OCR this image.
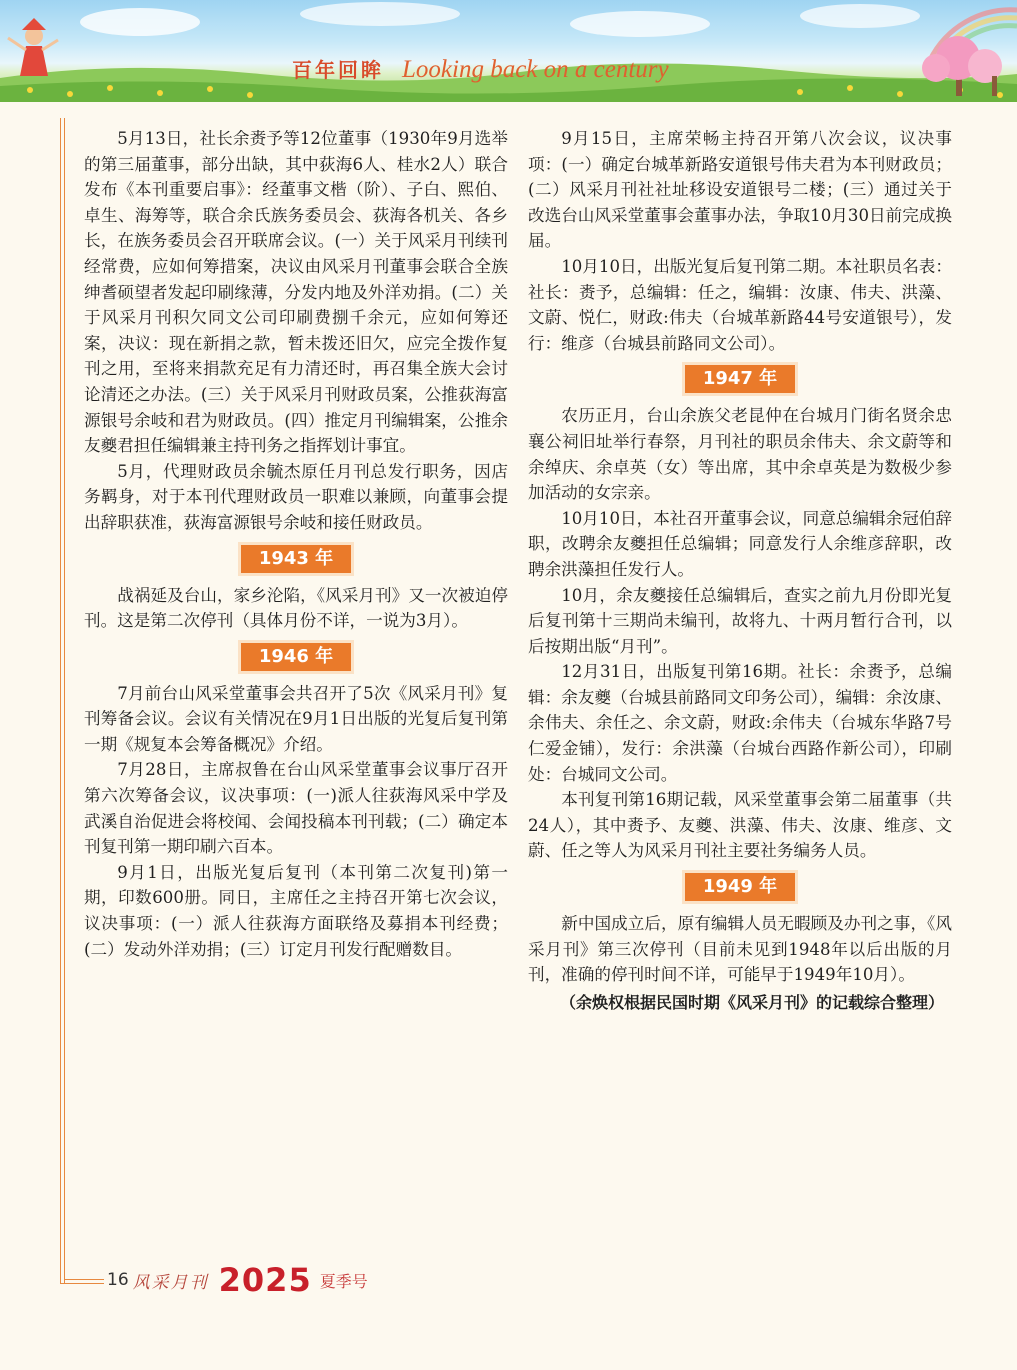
百年回眸 Looking back on a century

5月13日，社长余赉予等12位董事（1930年9月选举的第三届董事，部分出缺，其中荻海6人、桂水2人）联合发布《本刊重要启事》：经董事文楷（阶）、子白、熙伯、卓生、海筹等，联合余氏族务委员会、荻海各机关、各乡长，在族务委员会召开联席会议。(一）关于风采月刊续刊经常费，应如何筹措案，决议由风采月刊董事会联合全族绅耆硕望者发起印刷缘薄，分发内地及外洋劝捐。(二）关于风采月刊积欠同文公司印刷费捌千余元，应如何筹还案，决议：现在新捐之款，暂未拨还旧欠，应完全拨作复刊之用，至将来捐款充足有力清还时，再召集全族大会讨论清还之办法。(三）关于风采月刊财政员案，公推荻海富源银号余岐和君为财政员。(四）推定月刊编辑案，公推余友夔君担任编辑兼主持刊务之指挥划计事宜。

5月，代理财政员余毓杰原任月刊总发行职务，因店务羁身，对于本刊代理财政员一职难以兼顾，向董事会提出辞职获准，荻海富源银号余岐和接任财政员。

1943 年

战祸延及台山，家乡沦陷，《风采月刊》又一次被迫停刊。这是第二次停刊（具体月份不详，一说为3月）。

1946 年

7月前台山风采堂董事会共召开了5次《风采月刊》复刊筹备会议。会议有关情况在9月1日出版的光复后复刊第一期《规复本会筹备概况》介绍。

7月28日，主席叔鲁在台山风采堂董事会议事厅召开第六次筹备会议，议决事项：(一)派人往荻海风采中学及武溪自治促进会将校闻、会闻投稿本刊刊载；(二）确定本刊复刊第一期印刷六百本。

9月1日，出版光复后复刊（本刊第二次复刊)第一期，印数600册。同日，主席任之主持召开第七次会议，议决事项：(一）派人往荻海方面联络及募捐本刊经费；(二）发动外洋劝捐；(三）订定月刊发行配赠数目。

9月15日，主席荣畅主持召开第八次会议，议决事项：(一）确定台城革新路安道银号伟夫君为本刊财政员；(二）风采月刊社社址移设安道银号二楼；(三）通过关于改选台山风采堂董事会董事办法，争取10月30日前完成换届。

10月10日，出版光复后复刊第二期。本社职员名表：社长：赉予，总编辑：任之，编辑：汝康、伟夫、洪藻、文蔚、悦仁，财政:伟夫（台城革新路44号安道银号），发行：维彦（台城县前路同文公司）。

1947 年

农历正月，台山余族父老昆仲在台城月门街名贤余忠襄公祠旧址举行春祭，月刊社的职员余伟夫、余文蔚等和余绰庆、余卓英（女）等出席，其中余卓英是为数极少参加活动的女宗亲。

10月10日，本社召开董事会议，同意总编辑余冠伯辞职，改聘余友夔担任总编辑；同意发行人余维彦辞职，改聘余洪藻担任发行人。

10月，余友夔接任总编辑后，查实之前九月份即光复后复刊第十三期尚未编刊，故将九、十两月暂行合刊，以后按期出版“月刊”。

12月31日，出版复刊第16期。社长：余赉予，总编辑：余友夔（台城县前路同文印务公司），编辑：余汝康、余伟夫、余任之、余文蔚，财政:余伟夫（台城东华路7号仁爱金铺），发行：余洪藻（台城台西路作新公司），印刷处：台城同文公司。

本刊复刊第16期记载，风采堂董事会第二届董事（共24人），其中赉予、友夔、洪藻、伟夫、汝康、维彦、文蔚、任之等人为风采月刊社主要社务编务人员。

1949 年

新中国成立后，原有编辑人员无暇顾及办刊之事，《风采月刊》第三次停刊（目前未见到1948年以后出版的月刊，准确的停刊时间不详，可能早于1949年10月）。

（余焕权根据民国时期《风采月刊》的记载综合整理）

16 风采月刊 2025 夏季号
